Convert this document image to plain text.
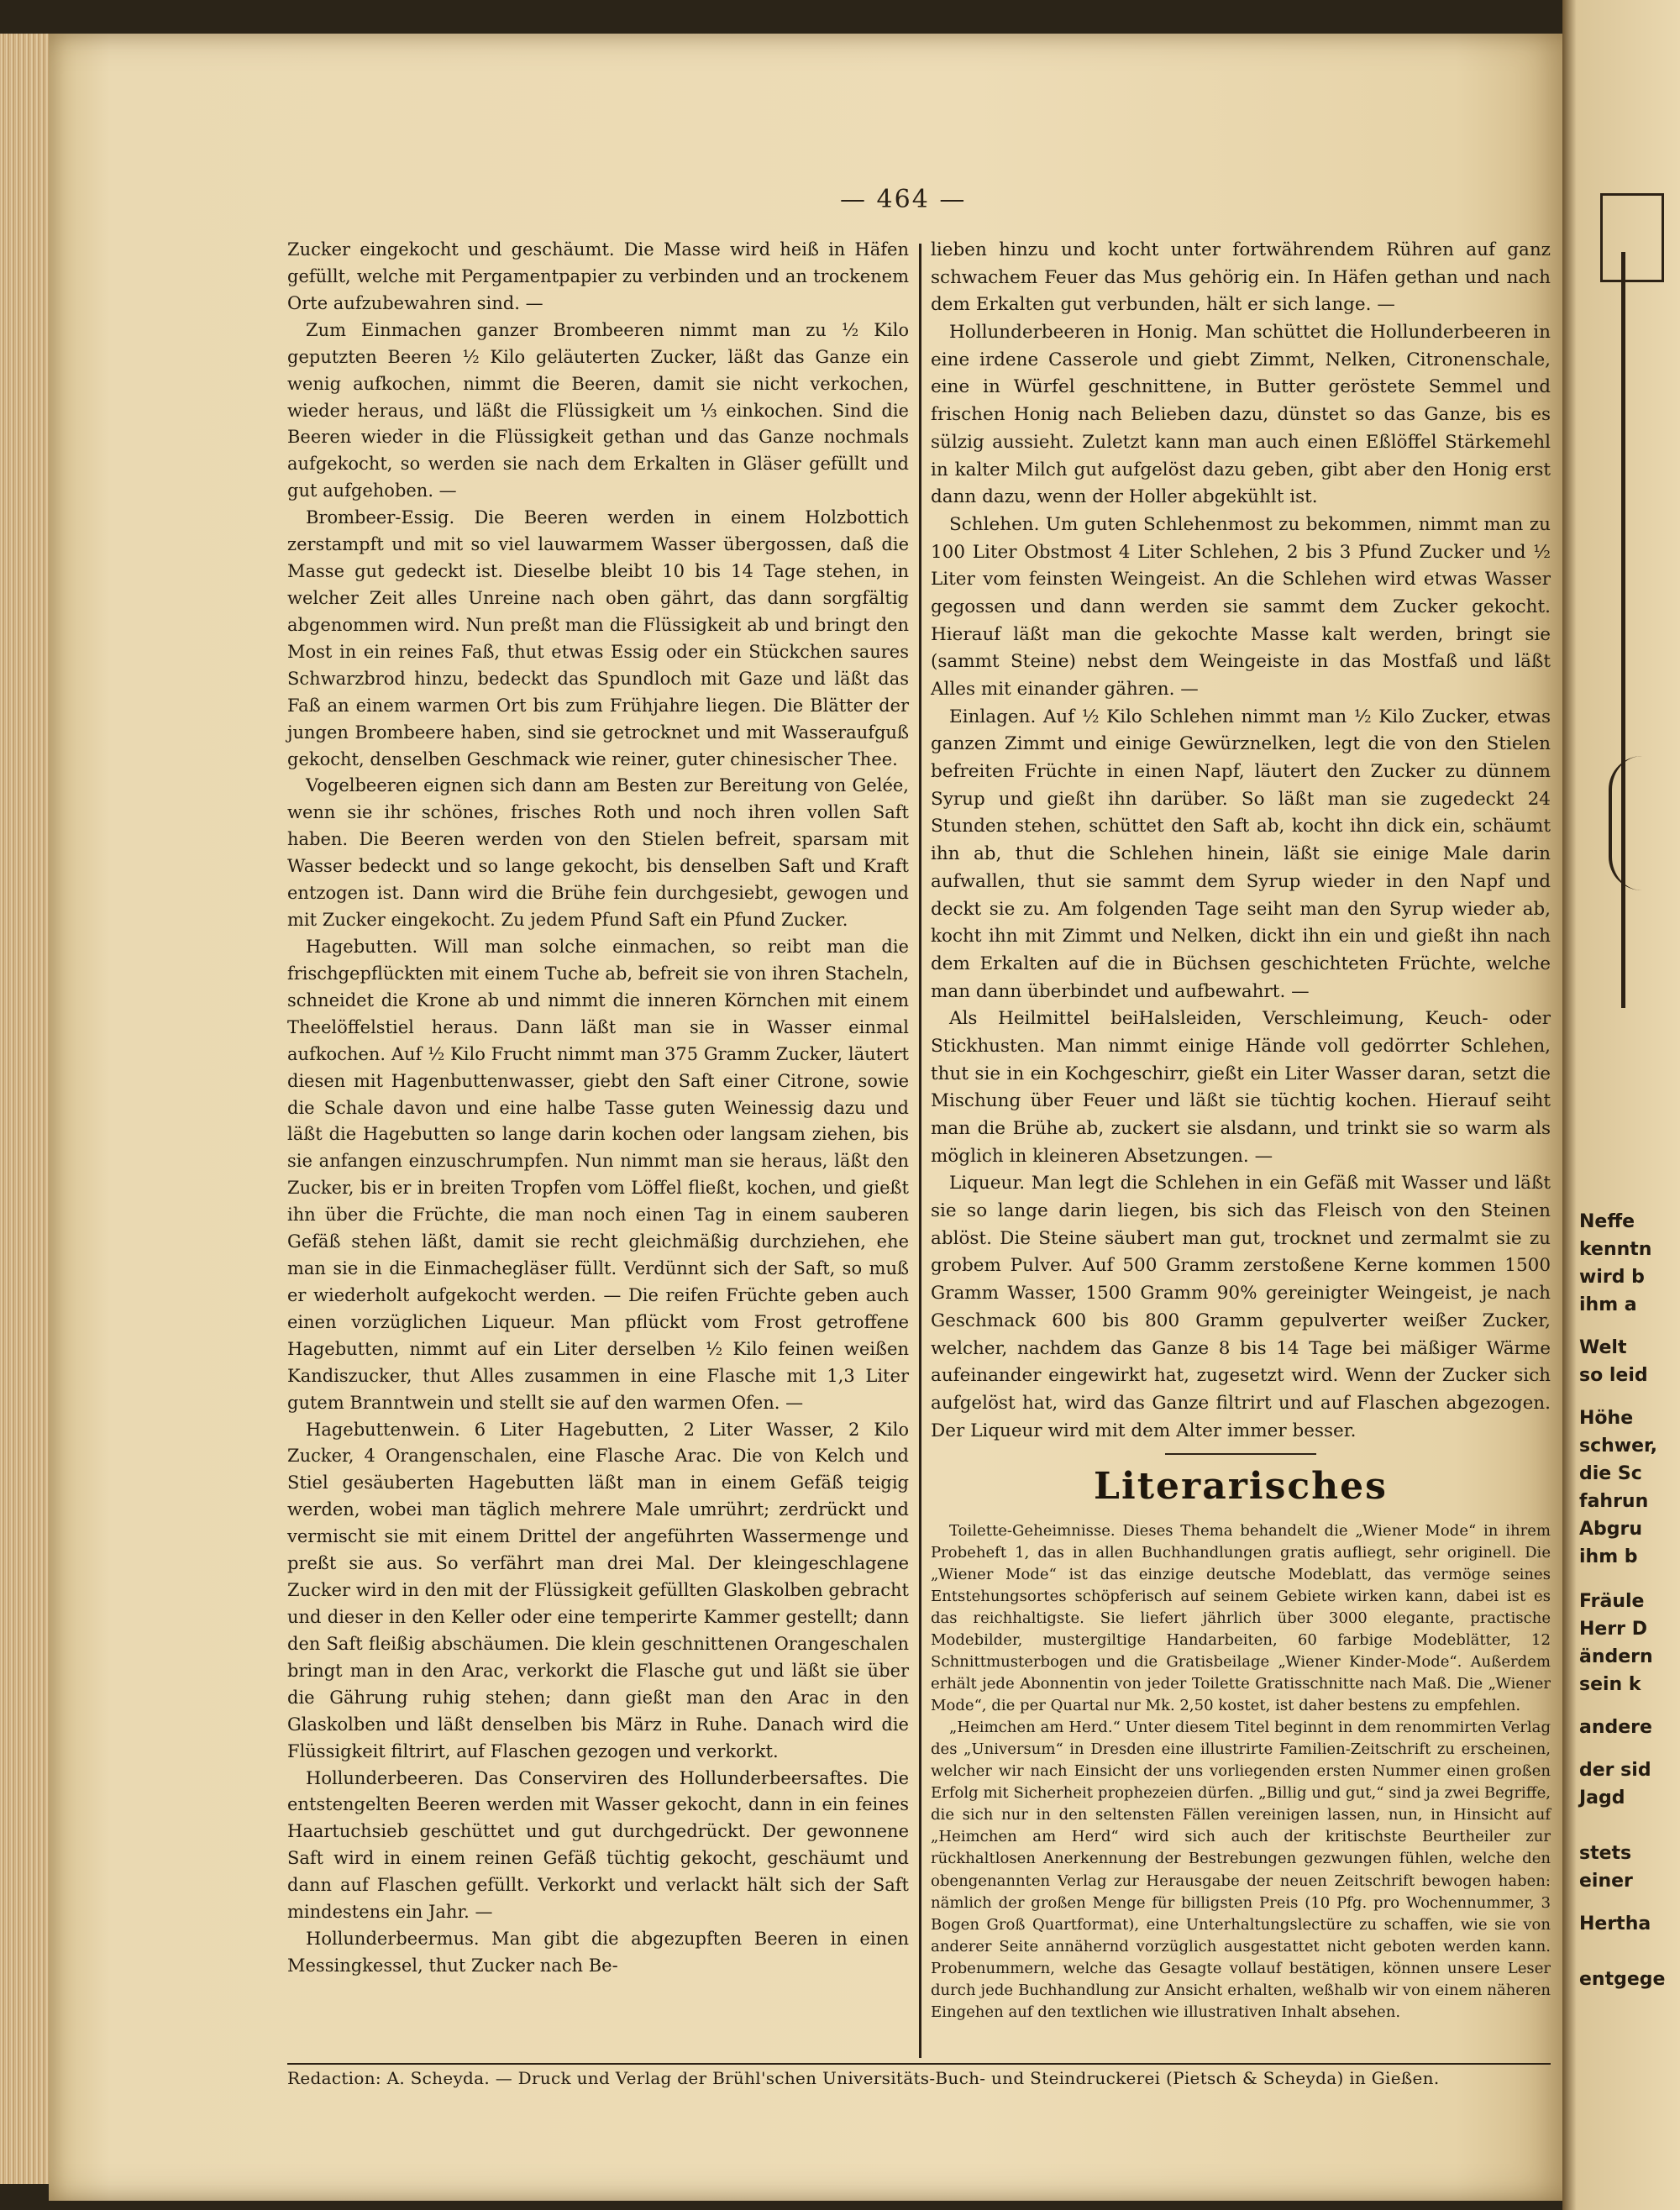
Neffe
kenntn
wird b
ihm a
Welt
so leid
Höhe
schwer,
die Sc
fahrun
Abgru
ihm b
Fräule
Herr D
ändern
sein k
andere
der sid
Jagd
stets
einer
Hertha
entgege
— 464 —

Zucker eingekocht und geschäumt. Die Masse wird heiß in Häfen gefüllt, welche mit Pergamentpapier zu verbinden und an trockenem Orte aufzubewahren sind. —

Zum Einmachen ganzer Brombeeren nimmt man zu ½ Kilo geputzten Beeren ½ Kilo geläuterten Zucker, läßt das Ganze ein wenig aufkochen, nimmt die Beeren, damit sie nicht verkochen, wieder heraus, und läßt die Flüssigkeit um ⅓ einkochen. Sind die Beeren wieder in die Flüssigkeit gethan und das Ganze nochmals aufgekocht, so werden sie nach dem Erkalten in Gläser gefüllt und gut aufgehoben. —

Brombeer-Essig. Die Beeren werden in einem Holzbottich zerstampft und mit so viel lauwarmem Wasser übergossen, daß die Masse gut gedeckt ist. Dieselbe bleibt 10 bis 14 Tage stehen, in welcher Zeit alles Unreine nach oben gährt, das dann sorgfältig abgenommen wird. Nun preßt man die Flüssigkeit ab und bringt den Most in ein reines Faß, thut etwas Essig oder ein Stückchen saures Schwarzbrod hinzu, bedeckt das Spundloch mit Gaze und läßt das Faß an einem warmen Ort bis zum Frühjahre liegen. Die Blätter der jungen Brombeere haben, sind sie getrocknet und mit Wasseraufguß gekocht, denselben Geschmack wie reiner, guter chinesischer Thee.

Vogelbeeren eignen sich dann am Besten zur Bereitung von Gelée, wenn sie ihr schönes, frisches Roth und noch ihren vollen Saft haben. Die Beeren werden von den Stielen befreit, sparsam mit Wasser bedeckt und so lange gekocht, bis denselben Saft und Kraft entzogen ist. Dann wird die Brühe fein durchgesiebt, gewogen und mit Zucker eingekocht. Zu jedem Pfund Saft ein Pfund Zucker.

Hagebutten. Will man solche einmachen, so reibt man die frischgepflückten mit einem Tuche ab, befreit sie von ihren Stacheln, schneidet die Krone ab und nimmt die inneren Körnchen mit einem Theelöffelstiel heraus. Dann läßt man sie in Wasser einmal aufkochen. Auf ½ Kilo Frucht nimmt man 375 Gramm Zucker, läutert diesen mit Hagenbuttenwasser, giebt den Saft einer Citrone, sowie die Schale davon und eine halbe Tasse guten Weinessig dazu und läßt die Hagebutten so lange darin kochen oder langsam ziehen, bis sie anfangen einzuschrumpfen. Nun nimmt man sie heraus, läßt den Zucker, bis er in breiten Tropfen vom Löffel fließt, kochen, und gießt ihn über die Früchte, die man noch einen Tag in einem sauberen Gefäß stehen läßt, damit sie recht gleichmäßig durchziehen, ehe man sie in die Einmachegläser füllt. Verdünnt sich der Saft, so muß er wiederholt aufgekocht werden. — Die reifen Früchte geben auch einen vorzüglichen Liqueur. Man pflückt vom Frost getroffene Hagebutten, nimmt auf ein Liter derselben ½ Kilo feinen weißen Kandiszucker, thut Alles zusammen in eine Flasche mit 1,3 Liter gutem Branntwein und stellt sie auf den warmen Ofen. —

Hagebuttenwein. 6 Liter Hagebutten, 2 Liter Wasser, 2 Kilo Zucker, 4 Orangenschalen, eine Flasche Arac. Die von Kelch und Stiel gesäuberten Hagebutten läßt man in einem Gefäß teigig werden, wobei man täglich mehrere Male umrührt; zerdrückt und vermischt sie mit einem Drittel der angeführten Wassermenge und preßt sie aus. So verfährt man drei Mal. Der kleingeschlagene Zucker wird in den mit der Flüssigkeit gefüllten Glaskolben gebracht und dieser in den Keller oder eine temperirte Kammer gestellt; dann den Saft fleißig abschäumen. Die klein geschnittenen Orangeschalen bringt man in den Arac, verkorkt die Flasche gut und läßt sie über die Gährung ruhig stehen; dann gießt man den Arac in den Glaskolben und läßt denselben bis März in Ruhe. Danach wird die Flüssigkeit filtrirt, auf Flaschen gezogen und verkorkt.

Hollunderbeeren. Das Conserviren des Hollunderbeersaftes. Die entstengelten Beeren werden mit Wasser gekocht, dann in ein feines Haartuchsieb geschüttet und gut durchgedrückt. Der gewonnene Saft wird in einem reinen Gefäß tüchtig gekocht, geschäumt und dann auf Flaschen gefüllt. Verkorkt und verlackt hält sich der Saft mindestens ein Jahr. —

Hollunderbeermus. Man gibt die abgezupften Beeren in einen Messingkessel, thut Zucker nach Be-

lieben hinzu und kocht unter fortwährendem Rühren auf ganz schwachem Feuer das Mus gehörig ein. In Häfen gethan und nach dem Erkalten gut verbunden, hält er sich lange. —

Hollunderbeeren in Honig. Man schüttet die Hollunderbeeren in eine irdene Casserole und giebt Zimmt, Nelken, Citronenschale, eine in Würfel geschnittene, in Butter geröstete Semmel und frischen Honig nach Belieben dazu, dünstet so das Ganze, bis es sülzig aussieht. Zuletzt kann man auch einen Eßlöffel Stärkemehl in kalter Milch gut aufgelöst dazu geben, gibt aber den Honig erst dann dazu, wenn der Holler abgekühlt ist.

Schlehen. Um guten Schlehenmost zu bekommen, nimmt man zu 100 Liter Obstmost 4 Liter Schlehen, 2 bis 3 Pfund Zucker und ½ Liter vom feinsten Weingeist. An die Schlehen wird etwas Wasser gegossen und dann werden sie sammt dem Zucker gekocht. Hierauf läßt man die gekochte Masse kalt werden, bringt sie (sammt Steine) nebst dem Weingeiste in das Mostfaß und läßt Alles mit einander gähren. —

Einlagen. Auf ½ Kilo Schlehen nimmt man ½ Kilo Zucker, etwas ganzen Zimmt und einige Gewürznelken, legt die von den Stielen befreiten Früchte in einen Napf, läutert den Zucker zu dünnem Syrup und gießt ihn darüber. So läßt man sie zugedeckt 24 Stunden stehen, schüttet den Saft ab, kocht ihn dick ein, schäumt ihn ab, thut die Schlehen hinein, läßt sie einige Male darin aufwallen, thut sie sammt dem Syrup wieder in den Napf und deckt sie zu. Am folgenden Tage seiht man den Syrup wieder ab, kocht ihn mit Zimmt und Nelken, dickt ihn ein und gießt ihn nach dem Erkalten auf die in Büchsen geschichteten Früchte, welche man dann überbindet und aufbewahrt. —

Als Heilmittel beiHalsleiden, Verschleimung, Keuch- oder Stickhusten. Man nimmt einige Hände voll gedörrter Schlehen, thut sie in ein Kochgeschirr, gießt ein Liter Wasser daran, setzt die Mischung über Feuer und läßt sie tüchtig kochen. Hierauf seiht man die Brühe ab, zuckert sie alsdann, und trinkt sie so warm als möglich in kleineren Absetzungen. —

Liqueur. Man legt die Schlehen in ein Gefäß mit Wasser und läßt sie so lange darin liegen, bis sich das Fleisch von den Steinen ablöst. Die Steine säubert man gut, trocknet und zermalmt sie zu grobem Pulver. Auf 500 Gramm zerstoßene Kerne kommen 1500 Gramm Wasser, 1500 Gramm 90% gereinigter Weingeist, je nach Geschmack 600 bis 800 Gramm gepulverter weißer Zucker, welcher, nachdem das Ganze 8 bis 14 Tage bei mäßiger Wärme aufeinander eingewirkt hat, zugesetzt wird. Wenn der Zucker sich aufgelöst hat, wird das Ganze filtrirt und auf Flaschen abgezogen. Der Liqueur wird mit dem Alter immer besser.

Literarisches

Toilette-Geheimnisse. Dieses Thema behandelt die „Wiener Mode“ in ihrem Probeheft 1, das in allen Buchhandlungen gratis aufliegt, sehr originell. Die „Wiener Mode“ ist das einzige deutsche Modeblatt, das vermöge seines Entstehungsortes schöpferisch auf seinem Gebiete wirken kann, dabei ist es das reichhaltigste. Sie liefert jährlich über 3000 elegante, practische Modebilder, mustergiltige Handarbeiten, 60 farbige Modeblätter, 12 Schnittmusterbogen und die Gratisbeilage „Wiener Kinder-Mode“. Außerdem erhält jede Abonnentin von jeder Toilette Gratisschnitte nach Maß. Die „Wiener Mode“, die per Quartal nur Mk. 2,50 kostet, ist daher bestens zu empfehlen.

„Heimchen am Herd.“ Unter diesem Titel beginnt in dem renommirten Verlag des „Universum“ in Dresden eine illustrirte Familien-Zeitschrift zu erscheinen, welcher wir nach Einsicht der uns vorliegenden ersten Nummer einen großen Erfolg mit Sicherheit prophezeien dürfen. „Billig und gut,“ sind ja zwei Begriffe, die sich nur in den seltensten Fällen vereinigen lassen, nun, in Hinsicht auf „Heimchen am Herd“ wird sich auch der kritischste Beurtheiler zur rückhaltlosen Anerkennung der Bestrebungen gezwungen fühlen, welche den obengenannten Verlag zur Herausgabe der neuen Zeitschrift bewogen haben: nämlich der großen Menge für billigsten Preis (10 Pfg. pro Wochennummer, 3 Bogen Groß Quartformat), eine Unterhaltungslectüre zu schaffen, wie sie von anderer Seite annähernd vorzüglich ausgestattet nicht geboten werden kann. Probenummern, welche das Gesagte vollauf bestätigen, können unsere Leser durch jede Buchhandlung zur Ansicht erhalten, weßhalb wir von einem näheren Eingehen auf den textlichen wie illustrativen Inhalt absehen.

Redaction: A. Scheyda. — Druck und Verlag der Brühl'schen Universitäts-Buch- und Steindruckerei (Pietsch & Scheyda) in Gießen.
